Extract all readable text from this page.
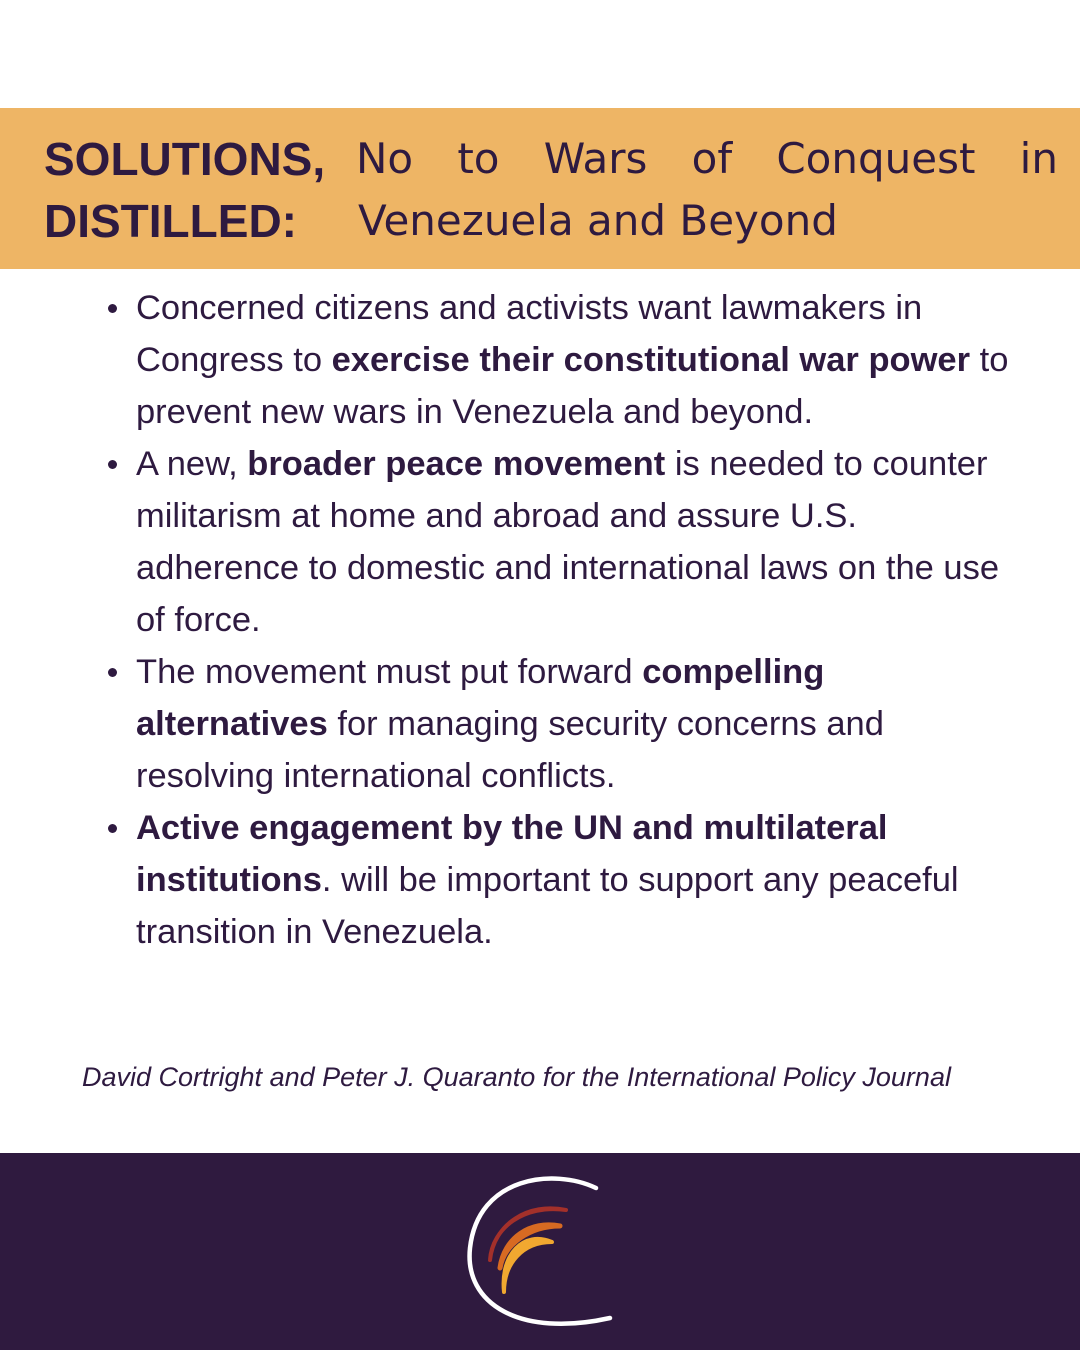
SOLUTIONS,
DISTILLED:
No to Wars of Conquest in
Venezuela and Beyond
Concerned citizens and activists want lawmakers in Congress to exercise their constitutional war power to prevent new wars in Venezuela and beyond.
A new, broader peace movement is needed to counter militarism at home and abroad and assure U.S. adherence to domestic and international laws on the use of force.
The movement must put forward compelling alternatives for managing security concerns and resolving international conflicts.
Active engagement by the UN and multilateral institutions. will be important to support any peaceful transition in Venezuela.
David Cortright and Peter J. Quaranto for the International Policy Journal
